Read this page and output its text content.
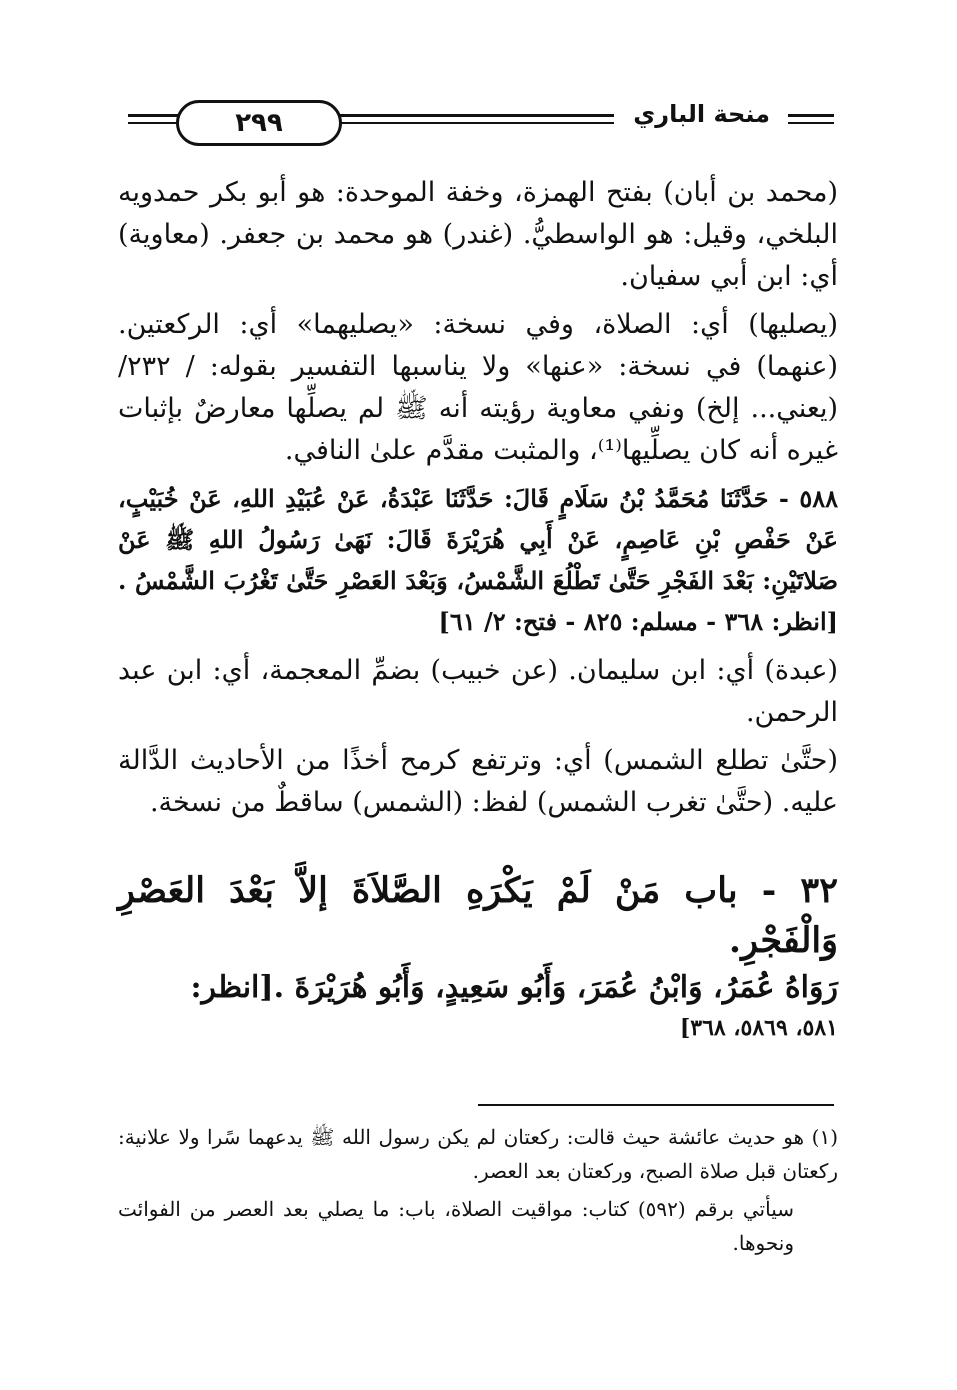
٢٩٩	منحة الباري

(محمد بن أبان) بفتح الهمزة، وخفة الموحدة: هو أبو بكر حمدويه البلخي، وقيل: هو الواسطيُّ. (غندر) هو محمد بن جعفر. (معاوية) أي: ابن أبي سفيان.

(يصليها) أي: الصلاة، وفي نسخة: «يصليهما» أي: الركعتين. (عنهما) في نسخة: «عنها» ولا يناسبها التفسير بقوله: / ٢٣٢/ (يعني... إلخ) ونفي معاوية رؤيته أنه ﷺ لم يصلِّها معارضٌ بإثبات غيره أنه كان يصلِّيها⁽¹⁾، والمثبت مقدَّم علىٰ النافي.

٥٨٨ - حَدَّثَنَا مُحَمَّدُ بْنُ سَلَامٍ قَالَ: حَدَّثَنَا عَبْدَةُ، عَنْ عُبَيْدِ اللهِ، عَنْ خُبَيْبٍ، عَنْ حَفْصِ بْنِ عَاصِمٍ، عَنْ أَبِي هُرَيْرَةَ قَالَ: نَهَىٰ رَسُولُ اللهِ ﷺ عَنْ صَلاتَيْنِ: بَعْدَ الفَجْرِ حَتَّىٰ تَطْلُعَ الشَّمْسُ، وَبَعْدَ العَصْرِ حَتَّىٰ تَغْرُبَ الشَّمْسُ . [انظر: ٣٦٨ - مسلم: ٨٢٥ - فتح: ٢/ ٦١]

(عبدة) أي: ابن سليمان. (عن خبيب) بضمِّ المعجمة، أي: ابن عبد الرحمن.

(حتَّىٰ تطلع الشمس) أي: وترتفع كرمح أخذًا من الأحاديث الدَّالة عليه. (حتَّىٰ تغرب الشمس) لفظ: (الشمس) ساقطٌ من نسخة.

٣٢ - باب مَنْ لَمْ يَكْرَهِ الصَّلاَةَ إلاَّ بَعْدَ العَصْرِ وَالْفَجْرِ.

رَوَاهُ عُمَرُ، وَابْنُ عُمَرَ، وَأَبُو سَعِيدٍ، وَأَبُو هُرَيْرَةَ .[انظر:

٥٨١، ٥٨٦٩، ٣٦٨]

(١) هو حديث عائشة حيث قالت: ركعتان لم يكن رسول الله ﷺ يدعهما سًرا ولا علانية: ركعتان قبل صلاة الصبح، وركعتان بعد العصر.

سيأتي برقم (٥٩٢) كتاب: مواقيت الصلاة، باب: ما يصلي بعد العصر من الفوائت ونحوها.
